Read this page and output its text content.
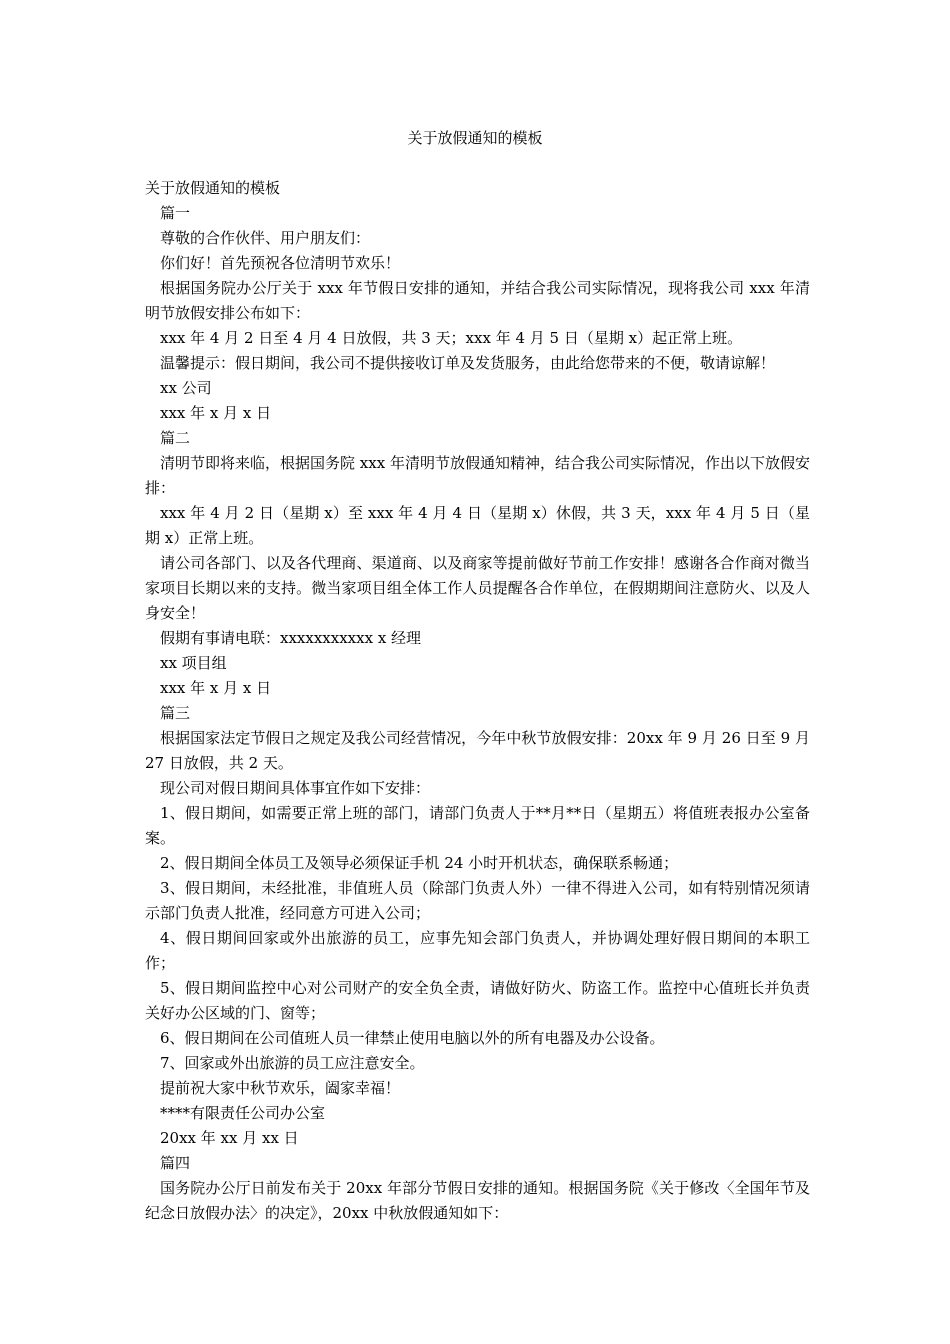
关于放假通知的模板

关于放假通知的模板

篇一

尊敬的合作伙伴、用户朋友们：

你们好！首先预祝各位清明节欢乐！

根据国务院办公厅关于 xxx 年节假日安排的通知，并结合我公司实际情况，现将我公司 xxx 年清明节放假安排公布如下：

xxx 年 4 月 2 日至 4 月 4 日放假，共 3 天；xxx 年 4 月 5 日（星期 x）起正常上班。

温馨提示：假日期间，我公司不提供接收订单及发货服务，由此给您带来的不便，敬请谅解！

xx 公司

xxx 年 x 月 x 日

篇二

清明节即将来临，根据国务院 xxx 年清明节放假通知精神，结合我公司实际情况，作出以下放假安排：

xxx 年 4 月 2 日（星期 x）至 xxx 年 4 月 4 日（星期 x）休假，共 3 天，xxx 年 4 月 5 日（星期 x）正常上班。

请公司各部门、以及各代理商、渠道商、以及商家等提前做好节前工作安排！感谢各合作商对微当家项目长期以来的支持。微当家项目组全体工作人员提醒各合作单位，在假期期间注意防火、以及人身安全！

假期有事请电联：xxxxxxxxxxx x 经理

xx 项目组

xxx 年 x 月 x 日

篇三

根据国家法定节假日之规定及我公司经营情况，今年中秋节放假安排：20xx 年 9 月 26 日至 9 月 27 日放假，共 2 天。

现公司对假日期间具体事宜作如下安排：

1、假日期间，如需要正常上班的部门，请部门负责人于**月**日（星期五）将值班表报办公室备案。

2、假日期间全体员工及领导必须保证手机 24 小时开机状态，确保联系畅通；

3、假日期间，未经批准，非值班人员（除部门负责人外）一律不得进入公司，如有特别情况须请示部门负责人批准，经同意方可进入公司；

4、假日期间回家或外出旅游的员工，应事先知会部门负责人，并协调处理好假日期间的本职工作；

5、假日期间监控中心对公司财产的安全负全责，请做好防火、防盗工作。监控中心值班长并负责关好办公区域的门、窗等；

6、假日期间在公司值班人员一律禁止使用电脑以外的所有电器及办公设备。

7、回家或外出旅游的员工应注意安全。

提前祝大家中秋节欢乐，阖家幸福！

****有限责任公司办公室

20xx 年 xx 月 xx 日

篇四

国务院办公厅日前发布关于 20xx 年部分节假日安排的通知。根据国务院《关于修改〈全国年节及纪念日放假办法〉的决定》，20xx 中秋放假通知如下：
